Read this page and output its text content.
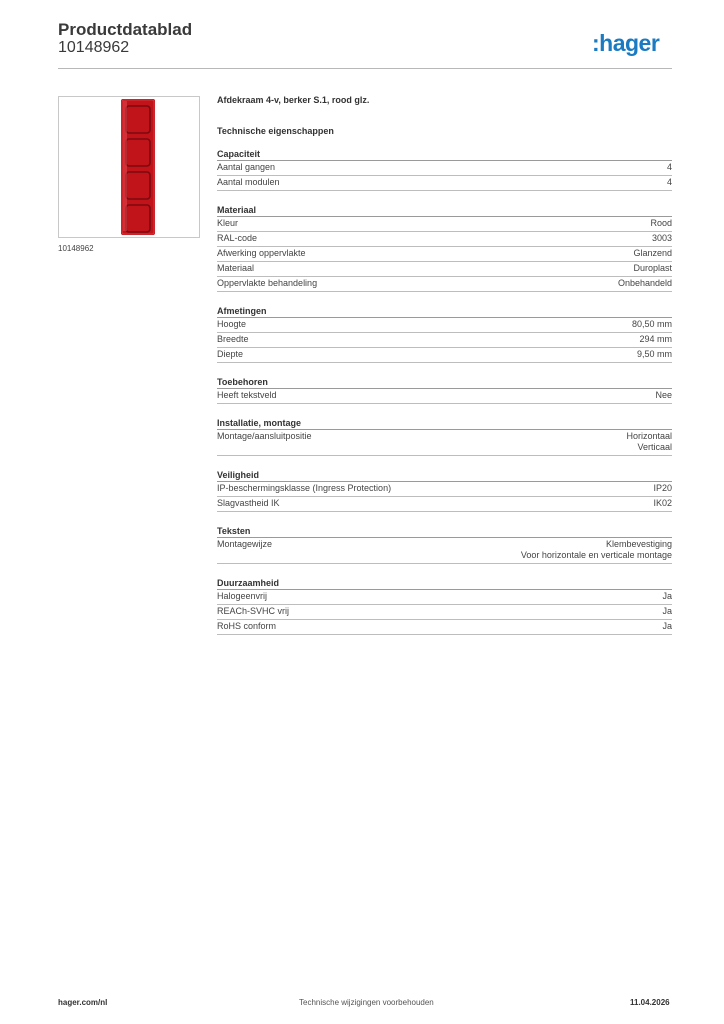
Productdatablad
10148962	:hager
10148962
Afdekraam 4-v, berker S.1, rood glz.
Technische eigenschappen
Capaciteit
Aantal gangen	4
Aantal modulen	4
Materiaal
Kleur	Rood
RAL-code	3003
Afwerking oppervlakte	Glanzend
Materiaal	Duroplast
Oppervlakte behandeling	Onbehandeld
Afmetingen
Hoogte	80,50 mm
Breedte	294 mm
Diepte	9,50 mm
Toebehoren
Heeft tekstveld	Nee
Installatie, montage
Montage/aansluitpositie	Horizontaal
Verticaal
Veiligheid
IP-beschermingsklasse (Ingress Protection)	IP20
Slagvastheid IK	IK02
Teksten
Montagewijze	Klembevestiging
Voor horizontale en verticale montage
Duurzaamheid
Halogeenvrij	Ja
REACh-SVHC vrij	Ja
RoHS conform	Ja
hager.com/nl	Technische wijzigingen voorbehouden	11.04.2026
